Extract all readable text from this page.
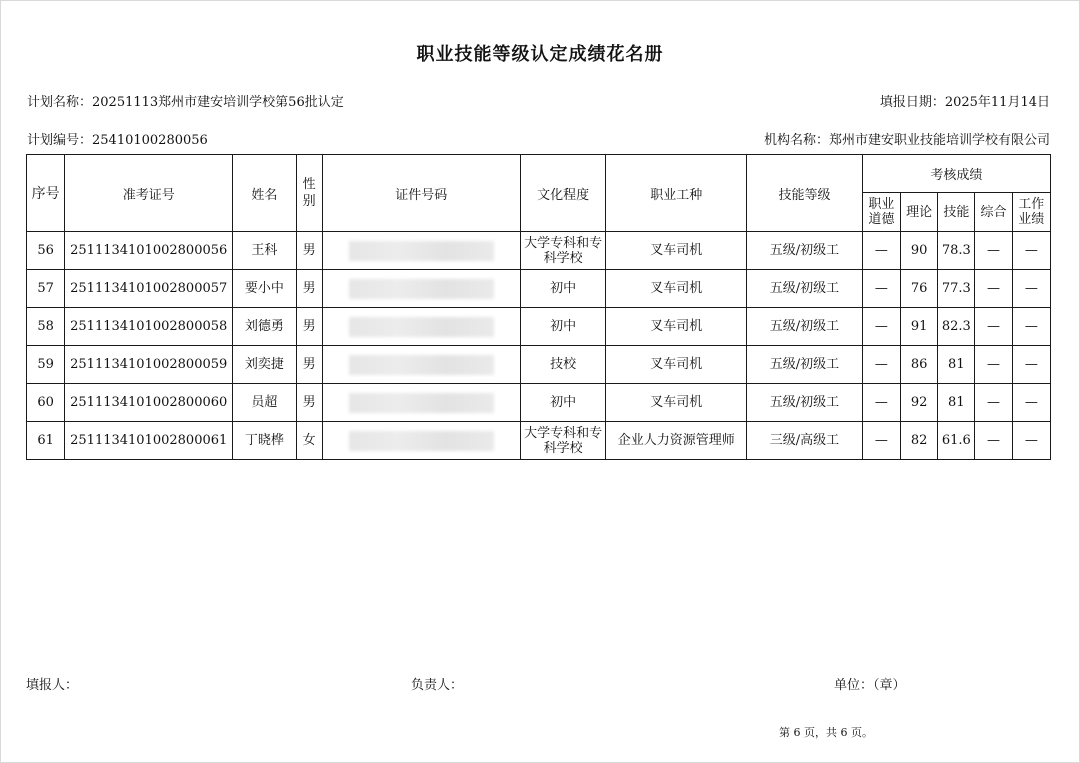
职业技能等级认定成绩花名册
计划名称：20251113郑州市建安培训学校第56批认定	填报日期：2025年11月14日
计划编号：25410100280056	机构名称：郑州市建安职业技能培训学校有限公司
序号	准考证号	姓名	性别	证件号码	文化程度	职业工种	技能等级	考核成绩				
								职业道德	理论	技能	综合	工作业绩
56	2511134101002800056	王科	男		大学专科和专科学校	叉车司机	五级/初级工	—	90	78.3	—	—
57	2511134101002800057	要小中	男		初中	叉车司机	五级/初级工	—	76	77.3	—	—
58	2511134101002800058	刘德勇	男		初中	叉车司机	五级/初级工	—	91	82.3	—	—
59	2511134101002800059	刘奕捷	男		技校	叉车司机	五级/初级工	—	86	81	—	—
60	2511134101002800060	员超	男		初中	叉车司机	五级/初级工	—	92	81	—	—
61	2511134101002800061	丁晓桦	女		大学专科和专科学校	企业人力资源管理师	三级/高级工	—	82	61.6	—	—
填报人：	负责人：	单位：（章）
第 6 页，共 6 页。
